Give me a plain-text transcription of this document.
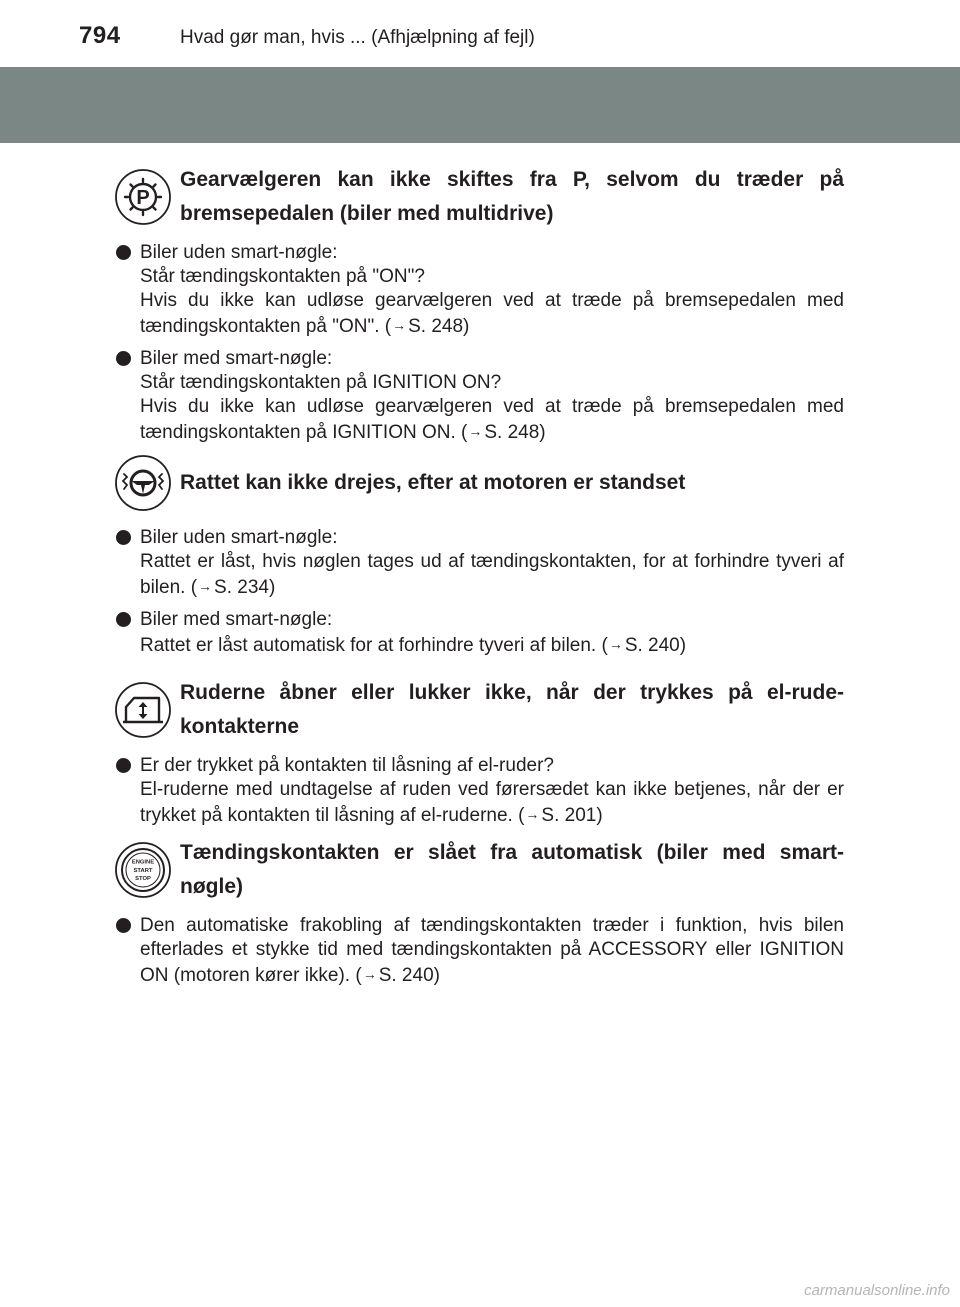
794	Hvad gør man, hvis ... (Afhjælpning af fejl)
P
Gearvælgeren kan ikke skiftes fra P, selvom du træder på bremsepedalen (biler med multidrive)

Biler uden smart-nøgle:

Står tændingskontakten på "ON"?

Hvis du ikke kan udløse gearvælgeren ved at træde på bremsepedalen med tændingskontakten på "ON". (→ S. 248)

Biler med smart-nøgle:

Står tændingskontakten på IGNITION ON?

Hvis du ikke kan udløse gearvælgeren ved at træde på bremsepedalen med tændingskontakten på IGNITION ON. (→ S. 248)

Rattet kan ikke drejes, efter at motoren er standset

Biler uden smart-nøgle:

Rattet er låst, hvis nøglen tages ud af tændingskontakten, for at forhindre tyveri af bilen. (→ S. 234)

Biler med smart-nøgle:

Rattet er låst automatisk for at forhindre tyveri af bilen. (→ S. 240)

Ruderne åbner eller lukker ikke, når der trykkes på el-rude-kontakterne

Er der trykket på kontakten til låsning af el-ruder?

El-ruderne med undtagelse af ruden ved førersædet kan ikke betjenes, når der er trykket på kontakten til låsning af el-ruderne. (→ S. 201)

ENGINE
START
STOP
Tændingskontakten er slået fra automatisk (biler med smart-nøgle)

Den automatiske frakobling af tændingskontakten træder i funktion, hvis bilen efterlades et stykke tid med tændingskontakten på ACCESSORY eller IGNITION ON (motoren kører ikke). (→ S. 240)

carmanualsonline.info
